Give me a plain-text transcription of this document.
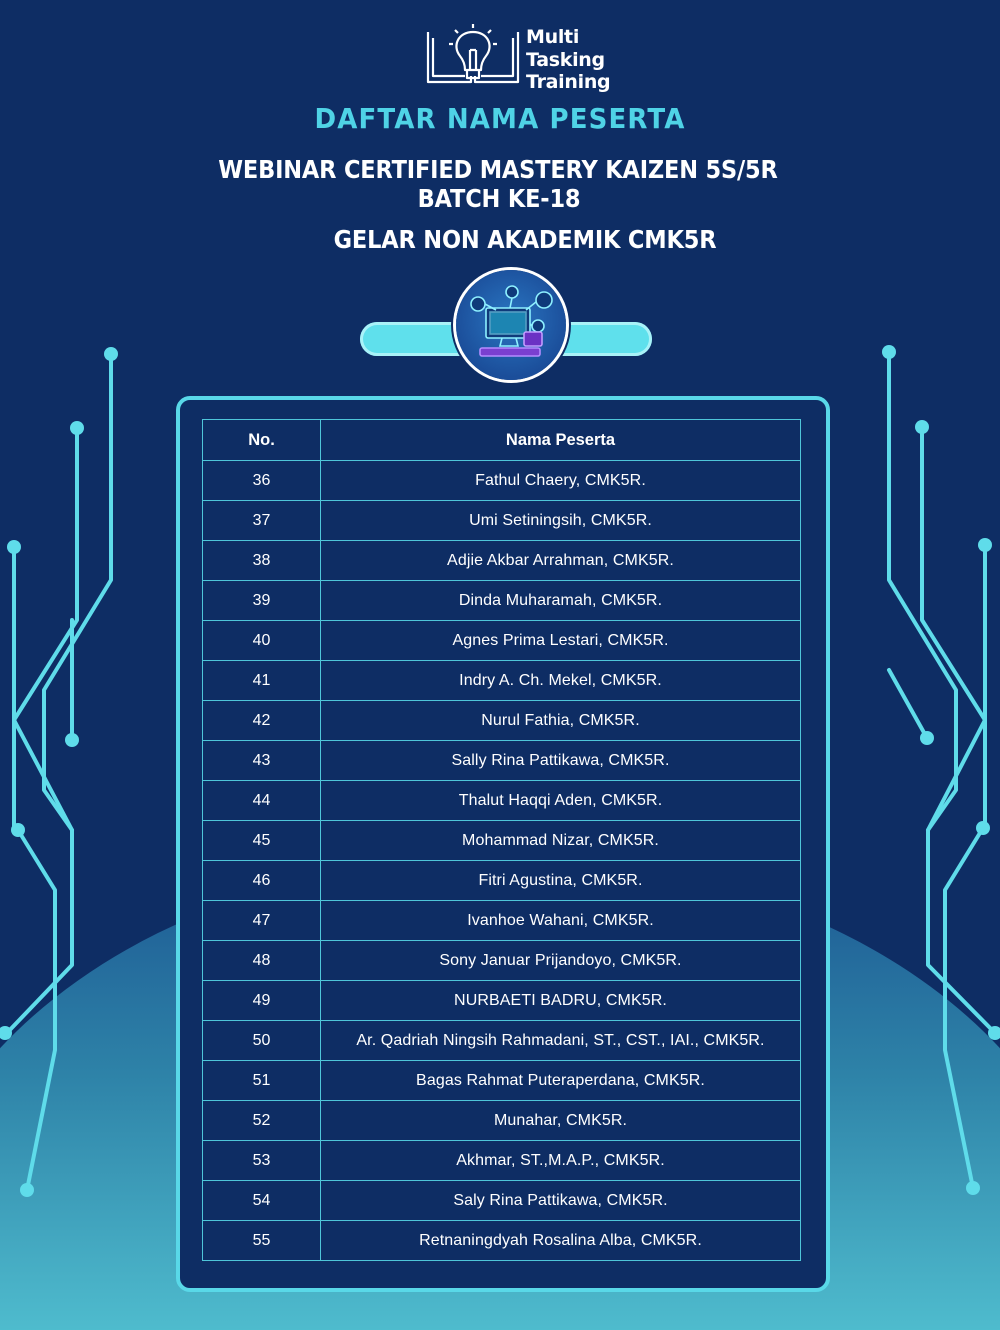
Multi
Tasking
Training
DAFTAR NAMA PESERTA
WEBINAR CERTIFIED MASTERY KAIZEN 5S/5R
BATCH KE-18
GELAR NON AKADEMIK CMK5R
No.	Nama Peserta
36	Fathul Chaery, CMK5R.
37	Umi Setiningsih, CMK5R.
38	Adjie Akbar Arrahman, CMK5R.
39	Dinda Muharamah, CMK5R.
40	Agnes Prima Lestari, CMK5R.
41	Indry A. Ch. Mekel, CMK5R.
42	Nurul Fathia, CMK5R.
43	Sally Rina Pattikawa, CMK5R.
44	Thalut Haqqi Aden, CMK5R.
45	Mohammad Nizar, CMK5R.
46	Fitri Agustina, CMK5R.
47	Ivanhoe Wahani, CMK5R.
48	Sony Januar Prijandoyo, CMK5R.
49	NURBAETI BADRU, CMK5R.
50	Ar. Qadriah Ningsih Rahmadani, ST., CST., IAI., CMK5R.
51	Bagas Rahmat Puteraperdana, CMK5R.
52	Munahar, CMK5R.
53	Akhmar, ST.,M.A.P., CMK5R.
54	Saly Rina Pattikawa, CMK5R.
55	Retnaningdyah Rosalina Alba, CMK5R.
